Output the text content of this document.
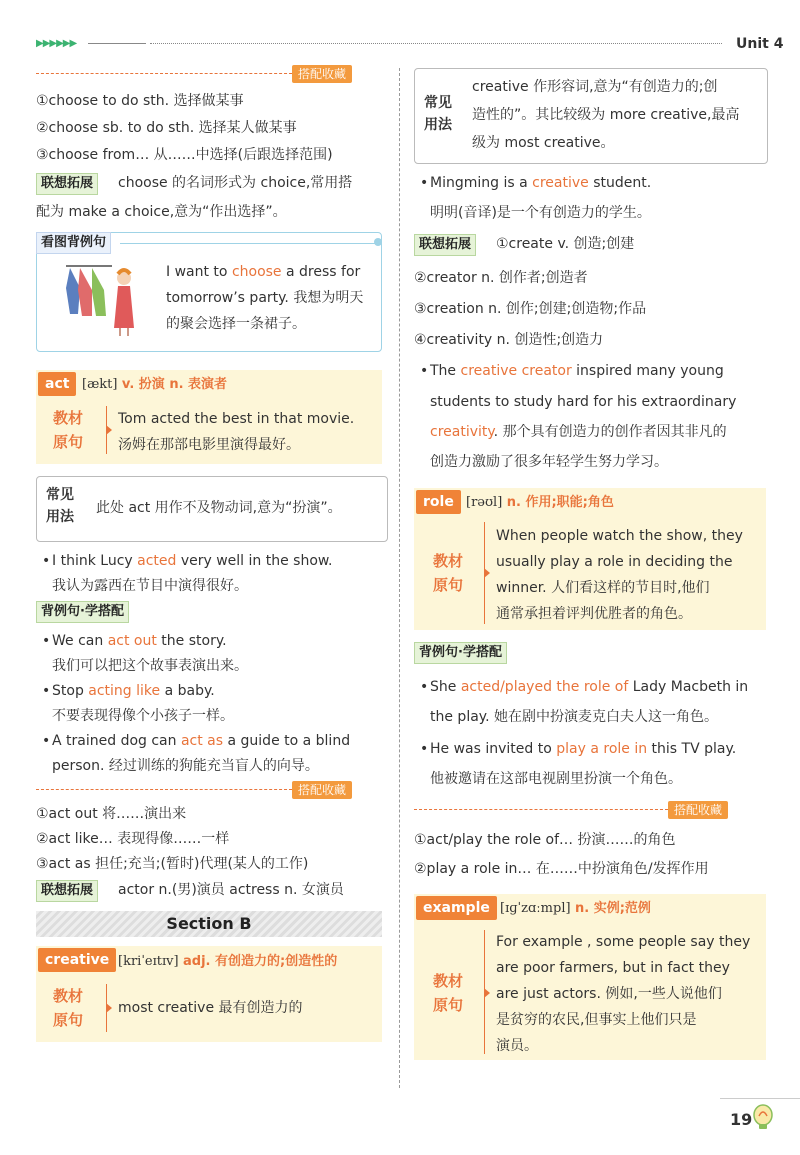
▶▶▶▶▶▶	Unit 4
搭配收藏
①choose to do sth. 选择做某事
②choose sb. to do sth. 选择某人做某事
③choose from… 从……中选择(后跟选择范围)
联想拓展	choose 的名词形式为 choice,常用搭
配为 make a choice,意为“作出选择”。
看图背例句
I want to choose a dress for
tomorrow’s party. 我想为明天
的聚会选择一条裙子。
act [ækt] v. 扮演 n. 表演者
教材
原句
Tom acted the best in that movie.
汤姆在那部电影里演得最好。
常见
用法
此处 act 用作不及物动词,意为“扮演”。
• I think Lucy acted very well in the show.
我认为露西在节目中演得很好。
背例句·学搭配
• We can act out the story.
我们可以把这个故事表演出来。
• Stop acting like a baby.
不要表现得像个小孩子一样。
• A trained dog can act as a guide to a blind
person. 经过训练的狗能充当盲人的向导。
搭配收藏
①act out 将……演出来
②act like… 表现得像……一样
③act as 担任;充当;(暂时)代理(某人的工作)
联想拓展	actor n.(男)演员 actress n. 女演员
Section B
creative [kriˈeɪtɪv] adj. 有创造力的;创造性的
教材
原句
most creative 最有创造力的
常见
用法
creative 作形容词,意为“有创造力的;创
造性的”。其比较级为 more creative,最高
级为 most creative。
• Mingming is a creative student.
明明(音译)是一个有创造力的学生。
联想拓展	①create v. 创造;创建
②creator n. 创作者;创造者
③creation n. 创作;创建;创造物;作品
④creativity n. 创造性;创造力
• The creative creator inspired many young
students to study hard for his extraordinary
creativity. 那个具有创造力的创作者因其非凡的
创造力激励了很多年轻学生努力学习。
role [rəʊl] n. 作用;职能;角色
教材
原句
When people watch the show, they
usually play a role in deciding the
winner. 人们看这样的节目时,他们
通常承担着评判优胜者的角色。
背例句·学搭配
• She acted/played the role of Lady Macbeth in
the play. 她在剧中扮演麦克白夫人这一角色。
• He was invited to play a role in this TV play.
他被邀请在这部电视剧里扮演一个角色。
搭配收藏
①act/play the role of… 扮演……的角色
②play a role in… 在……中扮演角色/发挥作用
example [ɪɡˈzɑːmpl] n. 实例;范例
教材
原句
For example , some people say they
are poor farmers, but in fact they
are just actors. 例如,一些人说他们
是贫穷的农民,但事实上他们只是
演员。
19
